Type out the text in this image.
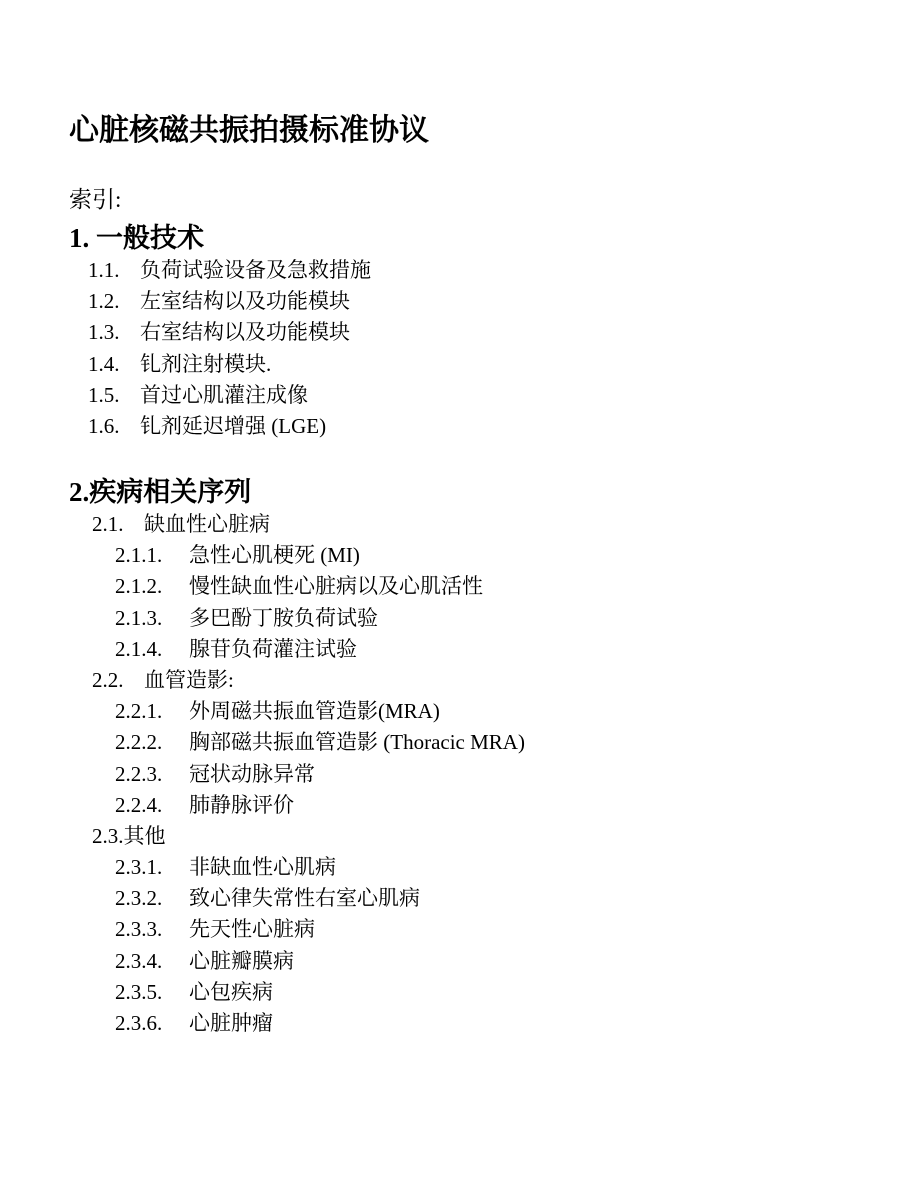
心脏核磁共振拍摄标准协议
索引:
1. 一般技术
1.1. 负荷试验设备及急救措施
1.2. 左室结构以及功能模块
1.3. 右室结构以及功能模块
1.4. 钆剂注射模块.
1.5. 首过心肌灌注成像
1.6. 钆剂延迟增强 (LGE)
2.疾病相关序列
2.1. 缺血性心脏病
2.1.1. 急性心肌梗死 (MI)
2.1.2. 慢性缺血性心脏病以及心肌活性
2.1.3. 多巴酚丁胺负荷试验
2.1.4. 腺苷负荷灌注试验
2.2. 血管造影:
2.2.1. 外周磁共振血管造影(MRA)
2.2.2. 胸部磁共振血管造影 (Thoracic MRA)
2.2.3. 冠状动脉异常
2.2.4. 肺静脉评价
2.3.其他
2.3.1. 非缺血性心肌病
2.3.2. 致心律失常性右室心肌病
2.3.3. 先天性心脏病
2.3.4. 心脏瓣膜病
2.3.5. 心包疾病
2.3.6. 心脏肿瘤
